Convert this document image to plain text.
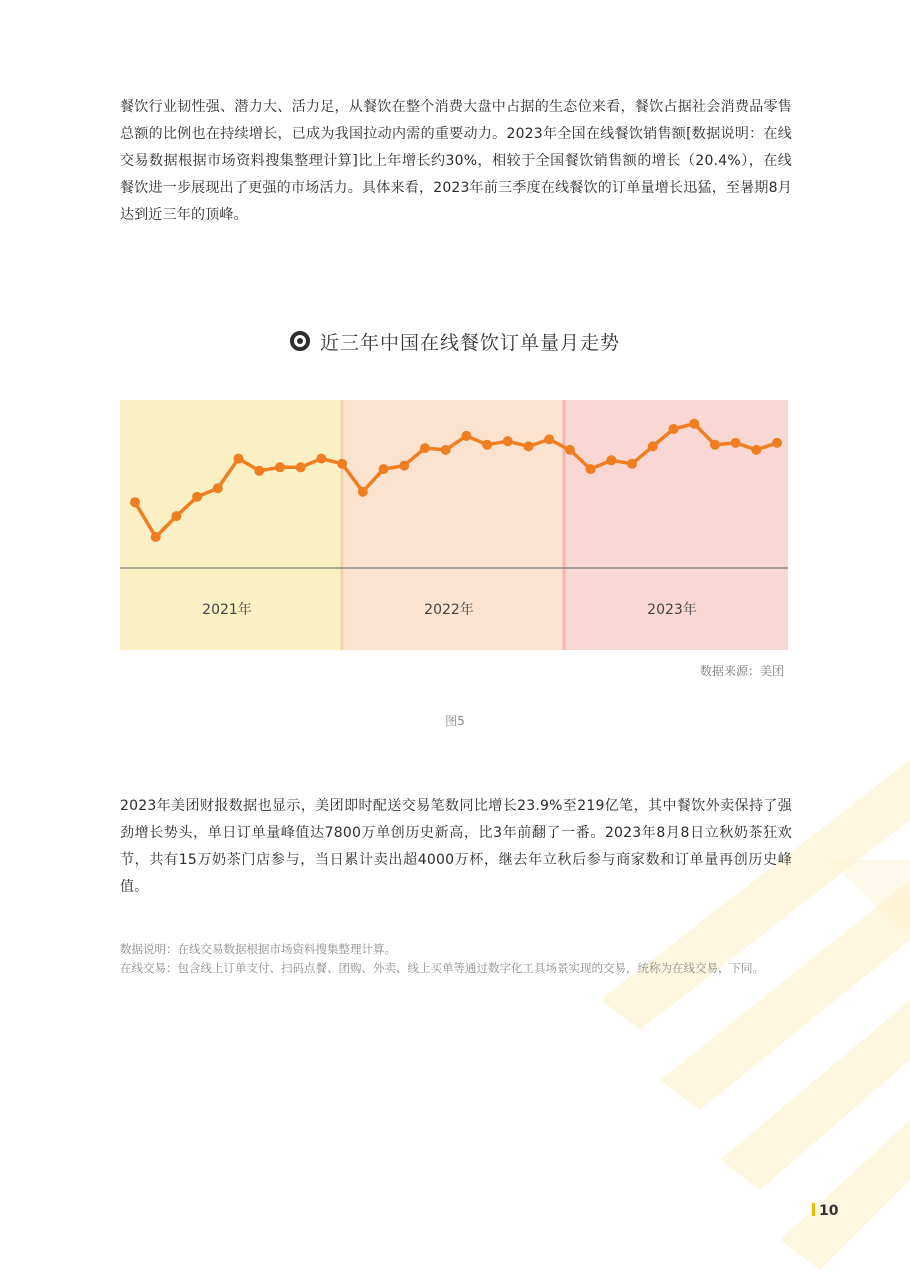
餐饮行业韧性强、潜力大、活力足，从餐饮在整个消费大盘中占据的生态位来看，餐饮占据社会消费品零售总额的比例也在持续增长，已成为我国拉动内需的重要动力。2023年全国在线餐饮销售额[数据说明：在线交易数据根据市场资料搜集整理计算]比上年增长约30%，相较于全国餐饮销售额的增长（20.4%），在线餐饮进一步展现出了更强的市场活力。具体来看，2023年前三季度在线餐饮的订单量增长迅猛，至暑期8月达到近三年的顶峰。
近三年中国在线餐饮订单量月走势
2021年	2022年	2023年
数据来源：美团
图5
2023年美团财报数据也显示，美团即时配送交易笔数同比增长23.9%至219亿笔，其中餐饮外卖保持了强劲增长势头，单日订单量峰值达7800万单创历史新高，比3年前翻了一番。2023年8月8日立秋奶茶狂欢节，共有15万奶茶门店参与，当日累计卖出超4000万杯，继去年立秋后参与商家数和订单量再创历史峰值。
数据说明：在线交易数据根据市场资料搜集整理计算。
在线交易：包含线上订单支付、扫码点餐、团购、外卖、线上买单等通过数字化工具场景实现的交易，统称为在线交易，下同。
10
